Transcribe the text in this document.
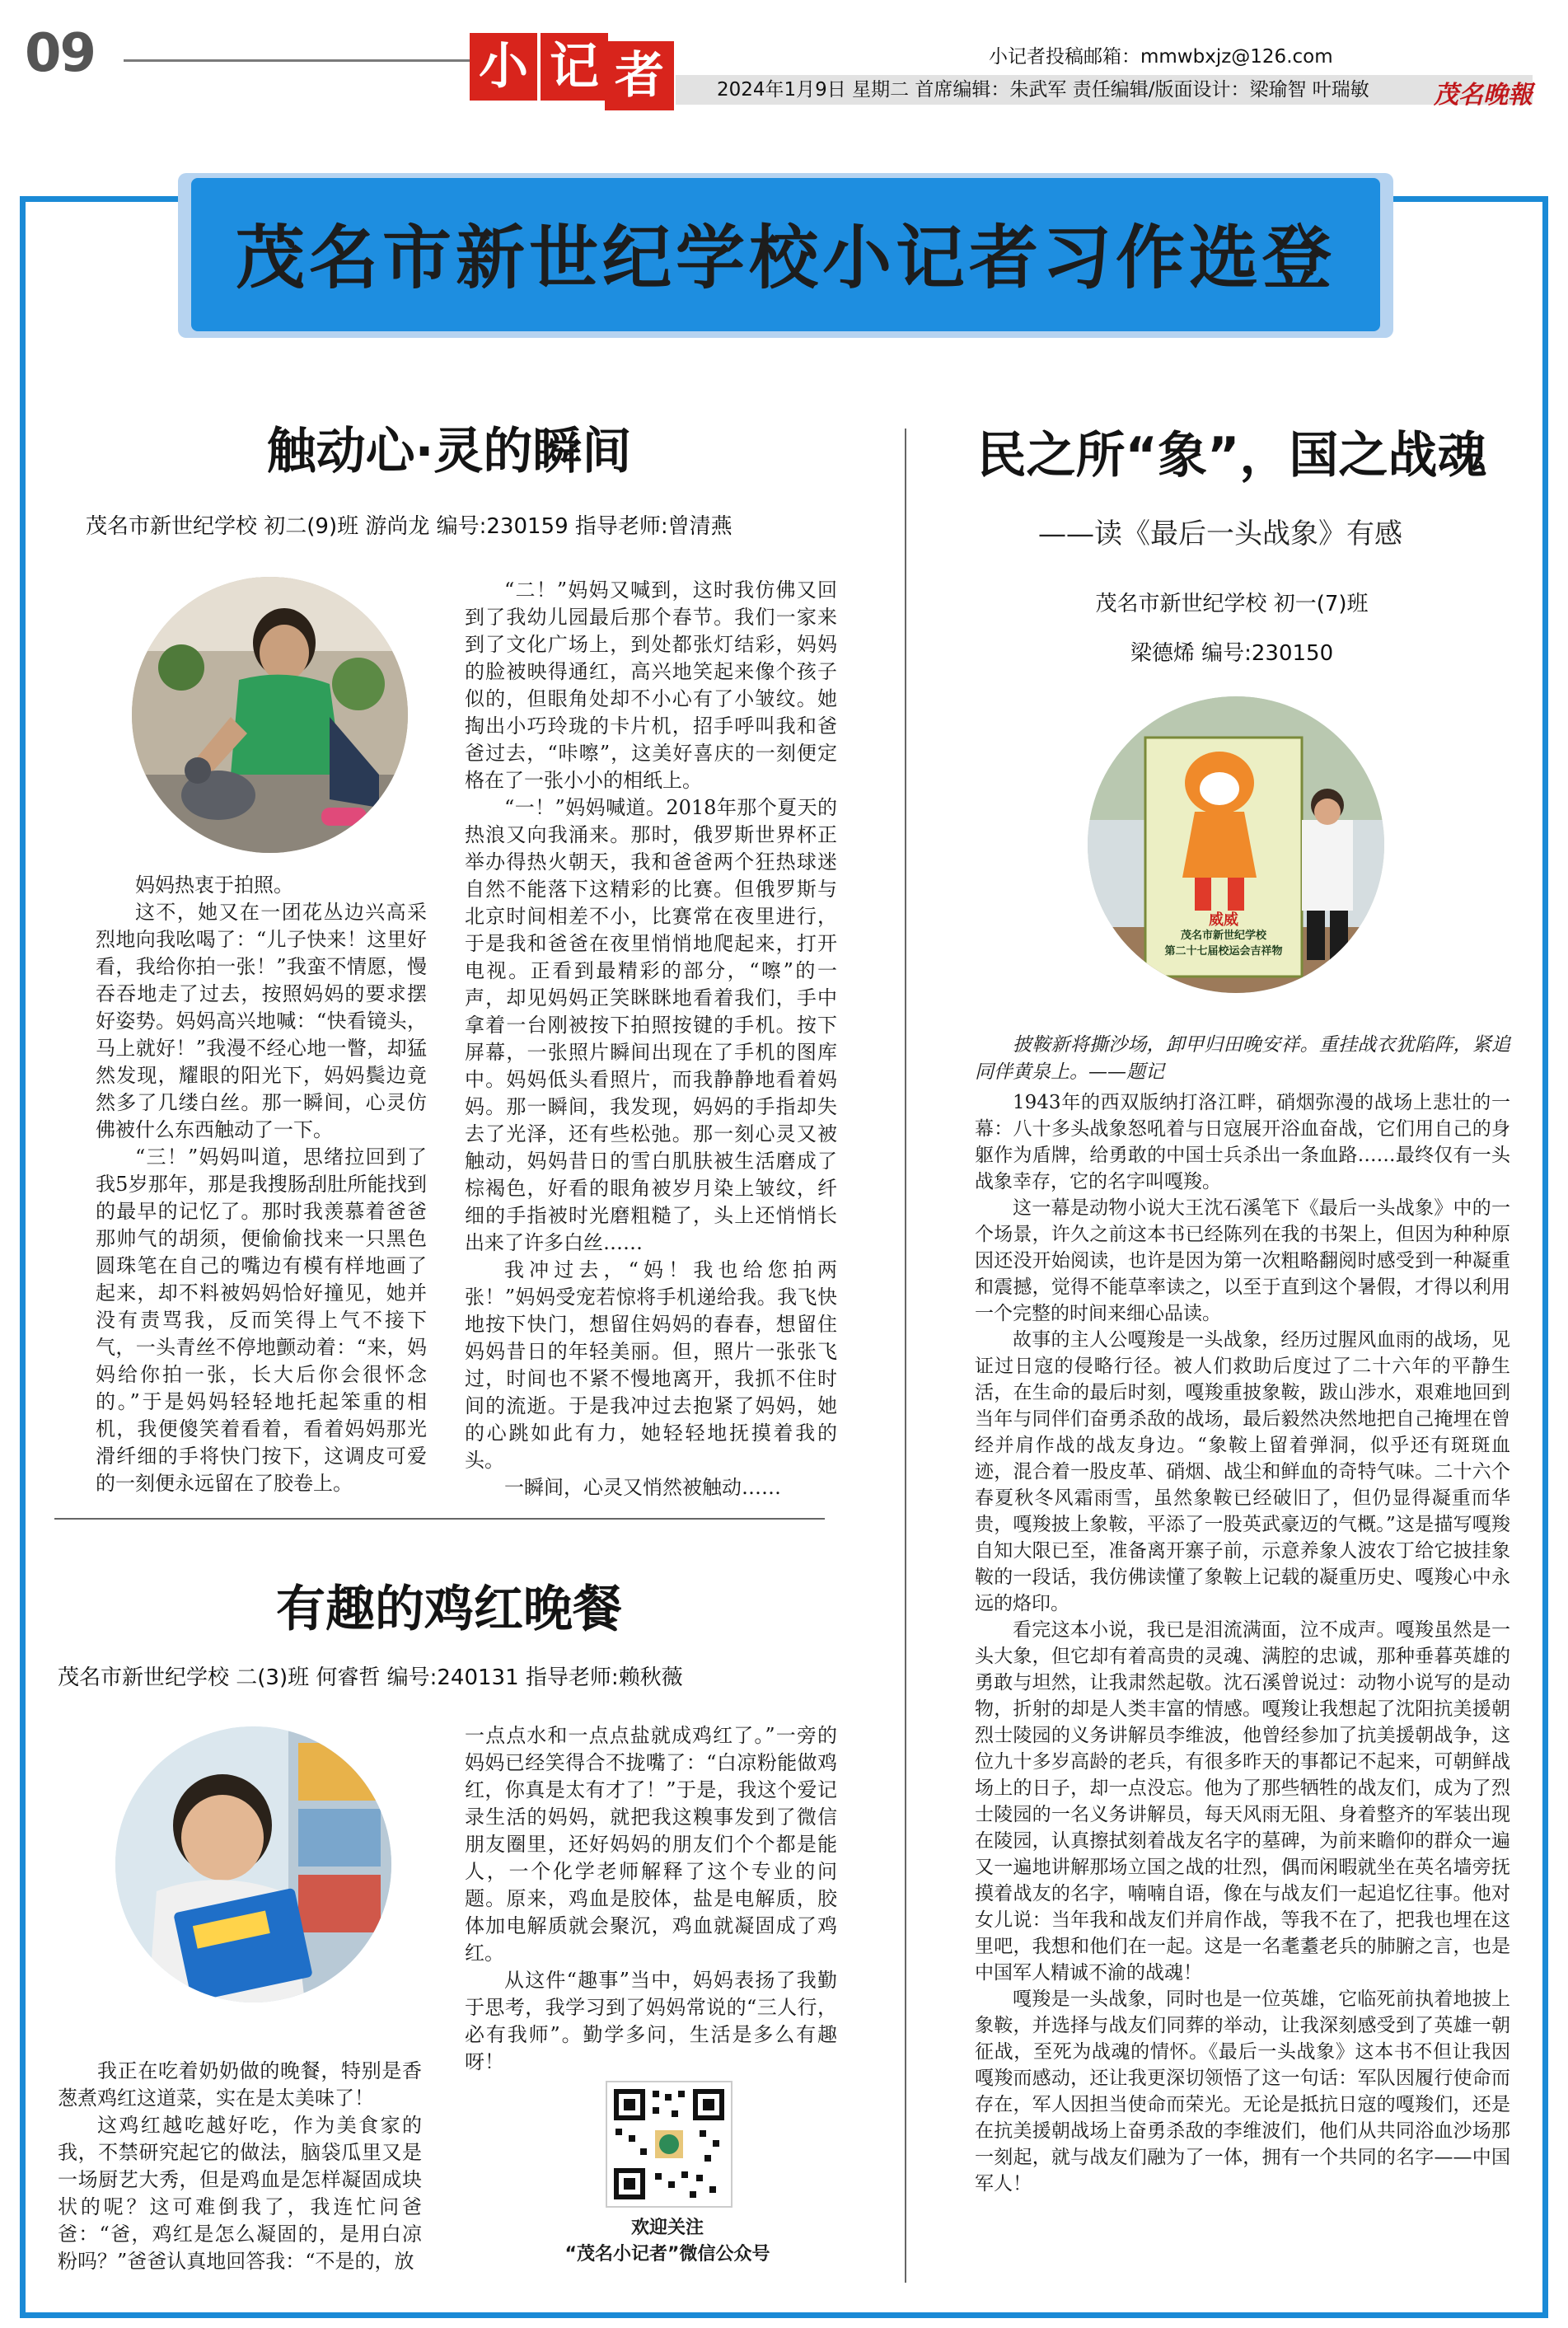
09	小 记 者	小记者投稿邮箱：mmwbxjz@126.com
2024年1月9日 星期二 首席编辑：朱武军 责任编辑/版面设计：梁瑜智 叶瑞敏	茂名晚報
茂名市新世纪学校小记者习作选登
触动心·灵的瞬间
茂名市新世纪学校 初二(9)班 游尚龙 编号:230159 指导老师:曾清燕

妈妈热衷于拍照。

这不，她又在一团花丛边兴高采烈地向我吆喝了：“儿子快来！这里好看，我给你拍一张！”我蛮不情愿，慢吞吞地走了过去，按照妈妈的要求摆好姿势。妈妈高兴地喊：“快看镜头，马上就好！”我漫不经心地一瞥，却猛然发现，耀眼的阳光下，妈妈鬓边竟然多了几缕白丝。那一瞬间，心灵仿佛被什么东西触动了一下。

“三！”妈妈叫道，思绪拉回到了我5岁那年，那是我搜肠刮肚所能找到的最早的记忆了。那时我羡慕着爸爸那帅气的胡须，便偷偷找来一只黑色圆珠笔在自己的嘴边有模有样地画了起来，却不料被妈妈恰好撞见，她并没有责骂我，反而笑得上气不接下气，一头青丝不停地颤动着：“来，妈妈给你拍一张，长大后你会很怀念的。”于是妈妈轻轻地托起笨重的相机，我便傻笑着看着，看着妈妈那光滑纤细的手将快门按下，这调皮可爱的一刻便永远留在了胶卷上。

“二！”妈妈又喊到，这时我仿佛又回到了我幼儿园最后那个春节。我们一家来到了文化广场上，到处都张灯结彩，妈妈的脸被映得通红，高兴地笑起来像个孩子似的，但眼角处却不小心有了小皱纹。她掏出小巧玲珑的卡片机，招手呼叫我和爸爸过去，“咔嚓”，这美好喜庆的一刻便定格在了一张小小的相纸上。

“一！”妈妈喊道。2018年那个夏天的热浪又向我涌来。那时，俄罗斯世界杯正举办得热火朝天，我和爸爸两个狂热球迷自然不能落下这精彩的比赛。但俄罗斯与北京时间相差不小，比赛常在夜里进行，于是我和爸爸在夜里悄悄地爬起来，打开电视。正看到最精彩的部分，“嚓”的一声，却见妈妈正笑眯眯地看着我们，手中拿着一台刚被按下拍照按键的手机。按下屏幕，一张照片瞬间出现在了手机的图库中。妈妈低头看照片，而我静静地看着妈妈。那一瞬间，我发现，妈妈的手指却失去了光泽，还有些松弛。那一刻心灵又被触动，妈妈昔日的雪白肌肤被生活磨成了棕褐色，好看的眼角被岁月染上皱纹，纤细的手指被时光磨粗糙了，头上还悄悄长出来了许多白丝……

我冲过去，“妈！我也给您拍两张！”妈妈受宠若惊将手机递给我。我飞快地按下快门，想留住妈妈的春春，想留住妈妈昔日的年轻美丽。但，照片一张张飞过，时间也不紧不慢地离开，我抓不住时间的流逝。于是我冲过去抱紧了妈妈，她的心跳如此有力，她轻轻地抚摸着我的头。

一瞬间，心灵又悄然被触动……

有趣的鸡红晚餐
茂名市新世纪学校 二(3)班 何睿哲 编号:240131 指导老师:赖秋薇

我正在吃着奶奶做的晚餐，特别是香葱煮鸡红这道菜，实在是太美味了！

这鸡红越吃越好吃，作为美食家的我，不禁研究起它的做法，脑袋瓜里又是一场厨艺大秀，但是鸡血是怎样凝固成块状的呢？这可难倒我了，我连忙问爸爸：“爸，鸡红是怎么凝固的，是用白凉粉吗？”爸爸认真地回答我：“不是的，放

一点点水和一点点盐就成鸡红了。”一旁的妈妈已经笑得合不拢嘴了：“白凉粉能做鸡红，你真是太有才了！”于是，我这个爱记录生活的妈妈，就把我这糗事发到了微信朋友圈里，还好妈妈的朋友们个个都是能人，一个化学老师解释了这个专业的问题。原来，鸡血是胶体，盐是电解质，胶体加电解质就会聚沉，鸡血就凝固成了鸡红。

从这件“趣事”当中，妈妈表扬了我勤于思考，我学习到了妈妈常说的“三人行，必有我师”。勤学多问，生活是多么有趣呀！

欢迎关注
“茂名小记者”微信公众号
民之所“象”，国之战魂
——读《最后一头战象》有感
茂名市新世纪学校 初一(7)班
梁德烯 编号:230150
威威
茂名市新世纪学校
第二十七届校运会吉祥物

披鞍新将撕沙场，卸甲归田晚安祥。重挂战衣犹陷阵，紧追同伴黄泉上。——题记

1943年的西双版纳打洛江畔，硝烟弥漫的战场上悲壮的一幕：八十多头战象怒吼着与日寇展开浴血奋战，它们用自己的身躯作为盾牌，给勇敢的中国士兵杀出一条血路……最终仅有一头战象幸存，它的名字叫嘎羧。

这一幕是动物小说大王沈石溪笔下《最后一头战象》中的一个场景，许久之前这本书已经陈列在我的书架上，但因为种种原因还没开始阅读，也许是因为第一次粗略翻阅时感受到一种凝重和震撼，觉得不能草率读之，以至于直到这个暑假，才得以利用一个完整的时间来细心品读。

故事的主人公嘎羧是一头战象，经历过腥风血雨的战场，见证过日寇的侵略行径。被人们救助后度过了二十六年的平静生活，在生命的最后时刻，嘎羧重披象鞍，跋山涉水，艰难地回到当年与同伴们奋勇杀敌的战场，最后毅然决然地把自己掩埋在曾经并肩作战的战友身边。“象鞍上留着弹洞，似乎还有斑斑血迹，混合着一股皮革、硝烟、战尘和鲜血的奇特气味。二十六个春夏秋冬风霜雨雪，虽然象鞍已经破旧了，但仍显得凝重而华贵，嘎羧披上象鞍，平添了一股英武豪迈的气概。”这是描写嘎羧自知大限已至，准备离开寨子前，示意养象人波农丁给它披挂象鞍的一段话，我仿佛读懂了象鞍上记载的凝重历史、嘎羧心中永远的烙印。

看完这本小说，我已是泪流满面，泣不成声。嘎羧虽然是一头大象，但它却有着高贵的灵魂、满腔的忠诚，那种垂暮英雄的勇敢与坦然，让我肃然起敬。沈石溪曾说过：动物小说写的是动物，折射的却是人类丰富的情感。嘎羧让我想起了沈阳抗美援朝烈士陵园的义务讲解员李维波，他曾经参加了抗美援朝战争，这位九十多岁高龄的老兵，有很多昨天的事都记不起来，可朝鲜战场上的日子，却一点没忘。他为了那些牺牲的战友们，成为了烈士陵园的一名义务讲解员，每天风雨无阻、身着整齐的军装出现在陵园，认真擦拭刻着战友名字的墓碑，为前来瞻仰的群众一遍又一遍地讲解那场立国之战的壮烈，偶而闲暇就坐在英名墙旁抚摸着战友的名字，喃喃自语，像在与战友们一起追忆往事。他对女儿说：当年我和战友们并肩作战，等我不在了，把我也埋在这里吧，我想和他们在一起。这是一名耄耋老兵的肺腑之言，也是中国军人精诚不渝的战魂！

嘎羧是一头战象，同时也是一位英雄，它临死前执着地披上象鞍，并选择与战友们同葬的举动，让我深刻感受到了英雄一朝征战，至死为战魂的情怀。《最后一头战象》这本书不但让我因嘎羧而感动，还让我更深切领悟了这一句话：军队因履行使命而存在，军人因担当使命而荣光。无论是抵抗日寇的嘎羧们，还是在抗美援朝战场上奋勇杀敌的李维波们，他们从共同浴血沙场那一刻起，就与战友们融为了一体，拥有一个共同的名字——中国军人！
